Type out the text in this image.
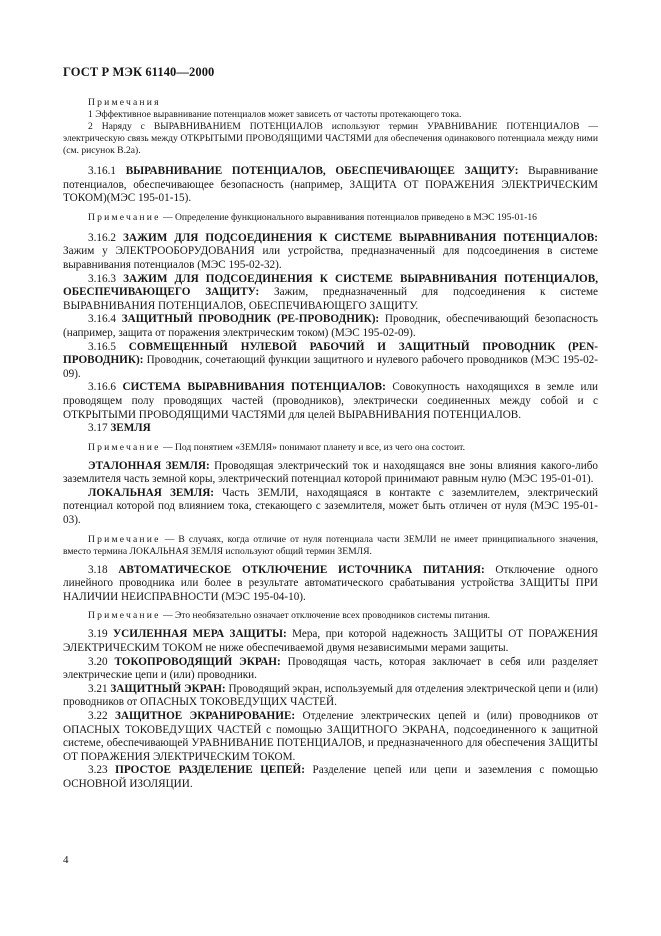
ГОСТ Р МЭК 61140—2000

Примечания

1 Эффективное выравнивание потенциалов может зависеть от частоты протекающего тока.

2 Наряду с ВЫРАВНИВАНИЕМ ПОТЕНЦИАЛОВ используют термин УРАВНИВАНИЕ ПОТЕНЦИАЛОВ — электрическую связь между ОТКРЫТЫМИ ПРОВОДЯЩИМИ ЧАСТЯМИ для обеспечения одинакового потенциала между ними (см. рисунок В.2а).

3.16.1 ВЫРАВНИВАНИЕ ПОТЕНЦИАЛОВ, ОБЕСПЕЧИВАЮЩЕЕ ЗАЩИТУ: Выравнивание потенциалов, обеспечивающее безопасность (например, ЗАЩИТА ОТ ПОРАЖЕНИЯ ЭЛЕКТРИЧЕСКИМ ТОКОМ)(МЭС 195-01-15).

Примечание — Определение функционального выравнивания потенциалов приведено в МЭС 195-01-16

3.16.2 ЗАЖИМ ДЛЯ ПОДСОЕДИНЕНИЯ К СИСТЕМЕ ВЫРАВНИВАНИЯ ПОТЕНЦИАЛОВ: Зажим у ЭЛЕКТРООБОРУДОВАНИЯ или устройства, предназначенный для подсоединения в системе выравнивания потенциалов (МЭС 195-02-32).

3.16.3 ЗАЖИМ ДЛЯ ПОДСОЕДИНЕНИЯ К СИСТЕМЕ ВЫРАВНИВАНИЯ ПОТЕНЦИАЛОВ, ОБЕСПЕЧИВАЮЩЕГО ЗАЩИТУ: Зажим, предназначенный для подсоединения к системе ВЫРАВНИВАНИЯ ПОТЕНЦИАЛОВ, ОБЕСПЕЧИВАЮЩЕГО ЗАЩИТУ.

3.16.4 ЗАЩИТНЫЙ ПРОВОДНИК (РЕ-ПРОВОДНИК): Проводник, обеспечивающий безопасность (например, защита от поражения электрическим током) (МЭС 195-02-09).

3.16.5 СОВМЕЩЕННЫЙ НУЛЕВОЙ РАБОЧИЙ И ЗАЩИТНЫЙ ПРОВОДНИК (PEN-ПРОВОДНИК): Проводник, сочетающий функции защитного и нулевого рабочего проводников (МЭС 195-02-09).

3.16.6 СИСТЕМА ВЫРАВНИВАНИЯ ПОТЕНЦИАЛОВ: Совокупность находящихся в земле или проводящем полу проводящих частей (проводников), электрически соединенных между собой и с ОТКРЫТЫМИ ПРОВОДЯЩИМИ ЧАСТЯМИ для целей ВЫРАВНИВАНИЯ ПОТЕНЦИАЛОВ.

3.17 ЗЕМЛЯ

Примечание — Под понятием «ЗЕМЛЯ» понимают планету и все, из чего она состоит.

ЭТАЛОННАЯ ЗЕМЛЯ: Проводящая электрический ток и находящаяся вне зоны влияния какого-либо заземлителя часть земной коры, электрический потенциал которой принимают равным нулю (МЭС 195-01-01).

ЛОКАЛЬНАЯ ЗЕМЛЯ: Часть ЗЕМЛИ, находящаяся в контакте с заземлителем, электрический потенциал которой под влиянием тока, стекающего с заземлителя, может быть отличен от нуля (МЭС 195-01-03).

Примечание — В случаях, когда отличие от нуля потенциала части ЗЕМЛИ не имеет принципиального значения, вместо термина ЛОКАЛЬНАЯ ЗЕМЛЯ используют общий термин ЗЕМЛЯ.

3.18 АВТОМАТИЧЕСКОЕ ОТКЛЮЧЕНИЕ ИСТОЧНИКА ПИТАНИЯ: Отключение одного линейного проводника или более в результате автоматического срабатывания устройства ЗАЩИТЫ ПРИ НАЛИЧИИ НЕИСПРАВНОСТИ (МЭС 195-04-10).

Примечание — Это необязательно означает отключение всех проводников системы питания.

3.19 УСИЛЕННАЯ МЕРА ЗАЩИТЫ: Мера, при которой надежность ЗАЩИТЫ ОТ ПОРАЖЕНИЯ ЭЛЕКТРИЧЕСКИМ ТОКОМ не ниже обеспечиваемой двумя независимыми мерами защиты.

3.20 ТОКОПРОВОДЯЩИЙ ЭКРАН: Проводящая часть, которая заключает в себя или разделяет электрические цепи и (или) проводники.

3.21 ЗАЩИТНЫЙ ЭКРАН: Проводящий экран, используемый для отделения электрической цепи и (или) проводников от ОПАСНЫХ ТОКОВЕДУЩИХ ЧАСТЕЙ.

3.22 ЗАЩИТНОЕ ЭКРАНИРОВАНИЕ: Отделение электрических цепей и (или) проводников от ОПАСНЫХ ТОКОВЕДУЩИХ ЧАСТЕЙ с помощью ЗАЩИТНОГО ЭКРАНА, подсоединенного к защитной системе, обеспечивающей УРАВНИВАНИЕ ПОТЕНЦИАЛОВ, и предназначенного для обеспечения ЗАЩИТЫ ОТ ПОРАЖЕНИЯ ЭЛЕКТРИЧЕСКИМ ТОКОМ.

3.23 ПРОСТОЕ РАЗДЕЛЕНИЕ ЦЕПЕЙ: Разделение цепей или цепи и заземления с помощью ОСНОВНОЙ ИЗОЛЯЦИИ.

4
